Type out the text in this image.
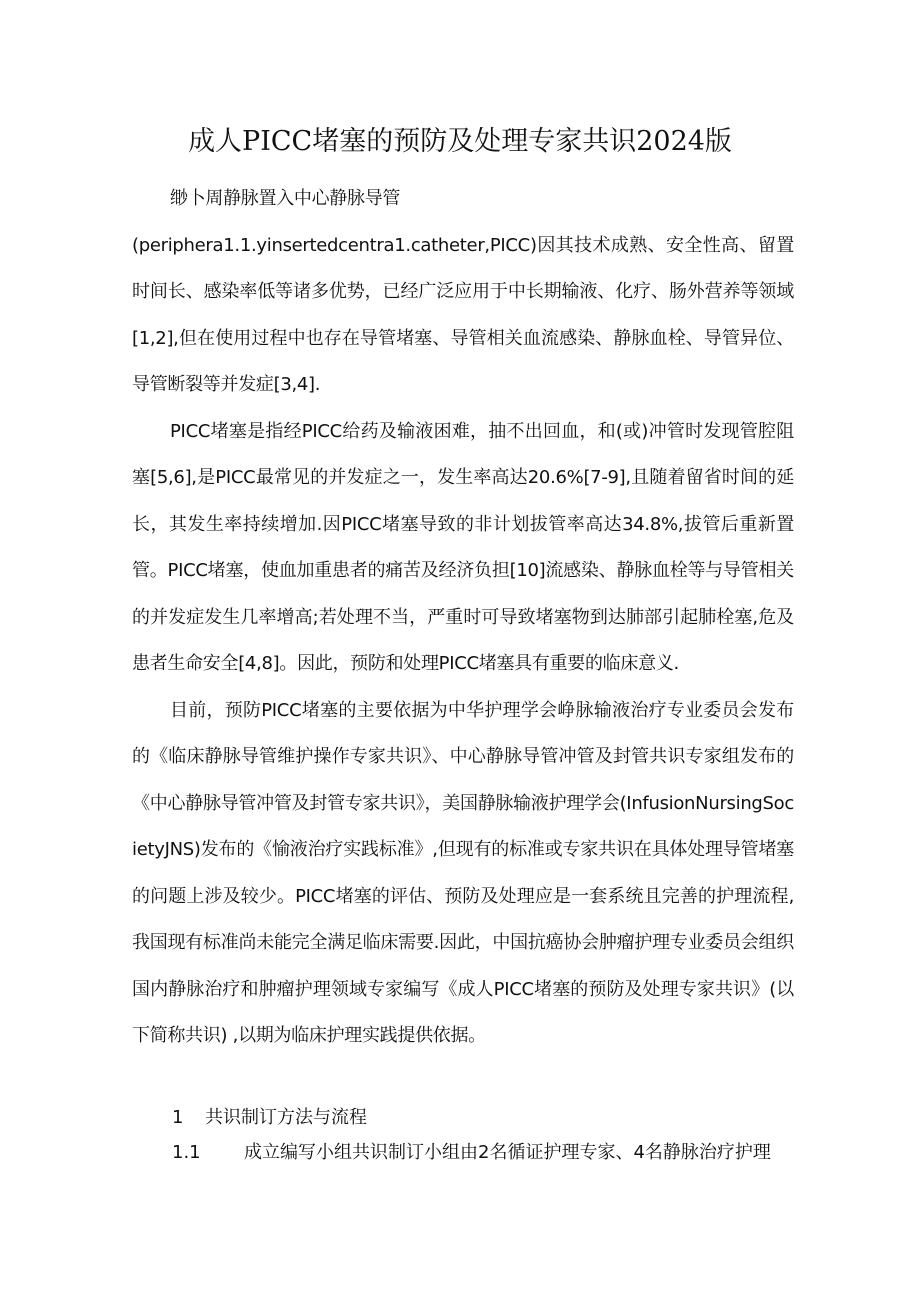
成人PICC堵塞的预防及处理专家共识2024版

缈卜周静脉置入中心静脉导管

(periphera1.1.yinsertedcentra1.catheter,PICC)因其技术成熟、安全性高、留置时间长、感染率低等诸多优势，已经广泛应用于中长期输液、化疗、肠外营养等领域[1,2],但在使用过程中也存在导管堵塞、导管相关血流感染、静脉血栓、导管异位、导管断裂等并发症[3,4].

PICC堵塞是指经PICC给药及输液困难，抽不出回血，和(或)冲管时发现管腔阻塞[5,6],是PICC最常见的并发症之一，发生率高达20.6%[7-9],且随着留省时间的延长，其发生率持续增加.因PICC堵塞导致的非计划拔管率高达34.8%,拔管后重新置管。PICC堵塞，使血加重患者的痛苦及经济负担[10]流感染、静脉血栓等与导管相关的并发症发生几率增高;若处理不当，严重时可导致堵塞物到达肺部引起肺栓塞,危及患者生命安全[4,8]。因此，预防和处理PICC堵塞具有重要的临床意义.

目前，预防PICC堵塞的主要依据为中华护理学会峥脉输液治疗专业委员会发布的《临床静脉导管维护操作专家共识》、中心静脉导管冲管及封管共识专家组发布的《中心静脉导管冲管及封管专家共识》，美国静脉输液护理学会(InfusionNursingSocietyJNS)发布的《愉液治疗实践标准》,但现有的标准或专家共识在具体处理导管堵塞的问题上涉及较少。PICC堵塞的评估、预防及处理应是一套系统且完善的护理流程,我国现有标准尚未能完全满足临床需要.因此，中国抗癌协会肿瘤护理专业委员会组织国内静脉治疗和肿瘤护理领域专家编写《成人PICC堵塞的预防及处理专家共识》(以下简称共识) ,以期为临床护理实践提供依据。

1 共识制订方法与流程
1.1 成立编写小组共识制订小组由2名循证护理专家、4名静脉治疗护理
